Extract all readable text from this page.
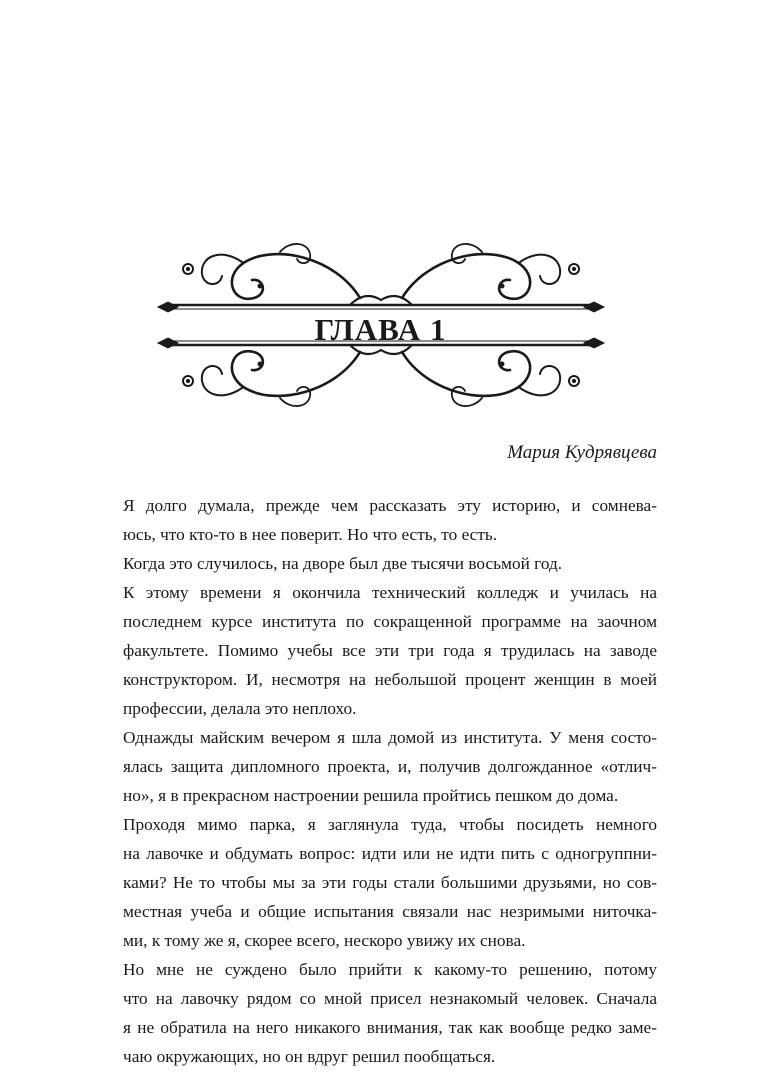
ГЛАВА 1
Мария Кудрявцева

Я долго думала, прежде чем рассказать эту историю, и сомнева-
юсь, что кто-то в нее поверит. Но что есть, то есть.

Когда это случилось, на дворе был две тысячи восьмой год.

К этому времени я окончила технический колледж и училась на
последнем курсе института по сокращенной программе на заочном
факультете. Помимо учебы все эти три года я трудилась на заводе
конструктором. И, несмотря на небольшой процент женщин в моей
профессии, делала это неплохо.

Однажды майским вечером я шла домой из института. У меня состо-
ялась защита дипломного проекта, и, получив долгожданное «отлич-
но», я в прекрасном настроении решила пройтись пешком до дома.

Проходя мимо парка, я заглянула туда, чтобы посидеть немного
на лавочке и обдумать вопрос: идти или не идти пить с одногруппни-
ками? Не то чтобы мы за эти годы стали большими друзьями, но сов-
местная учеба и общие испытания связали нас незримыми ниточка-
ми, к тому же я, скорее всего, нескоро увижу их снова.

Но мне не суждено было прийти к какому-то решению, потому
что на лавочку рядом со мной присел незнакомый человек. Сначала
я не обратила на него никакого внимания, так как вообще редко заме-
чаю окружающих, но он вдруг решил пообщаться.
